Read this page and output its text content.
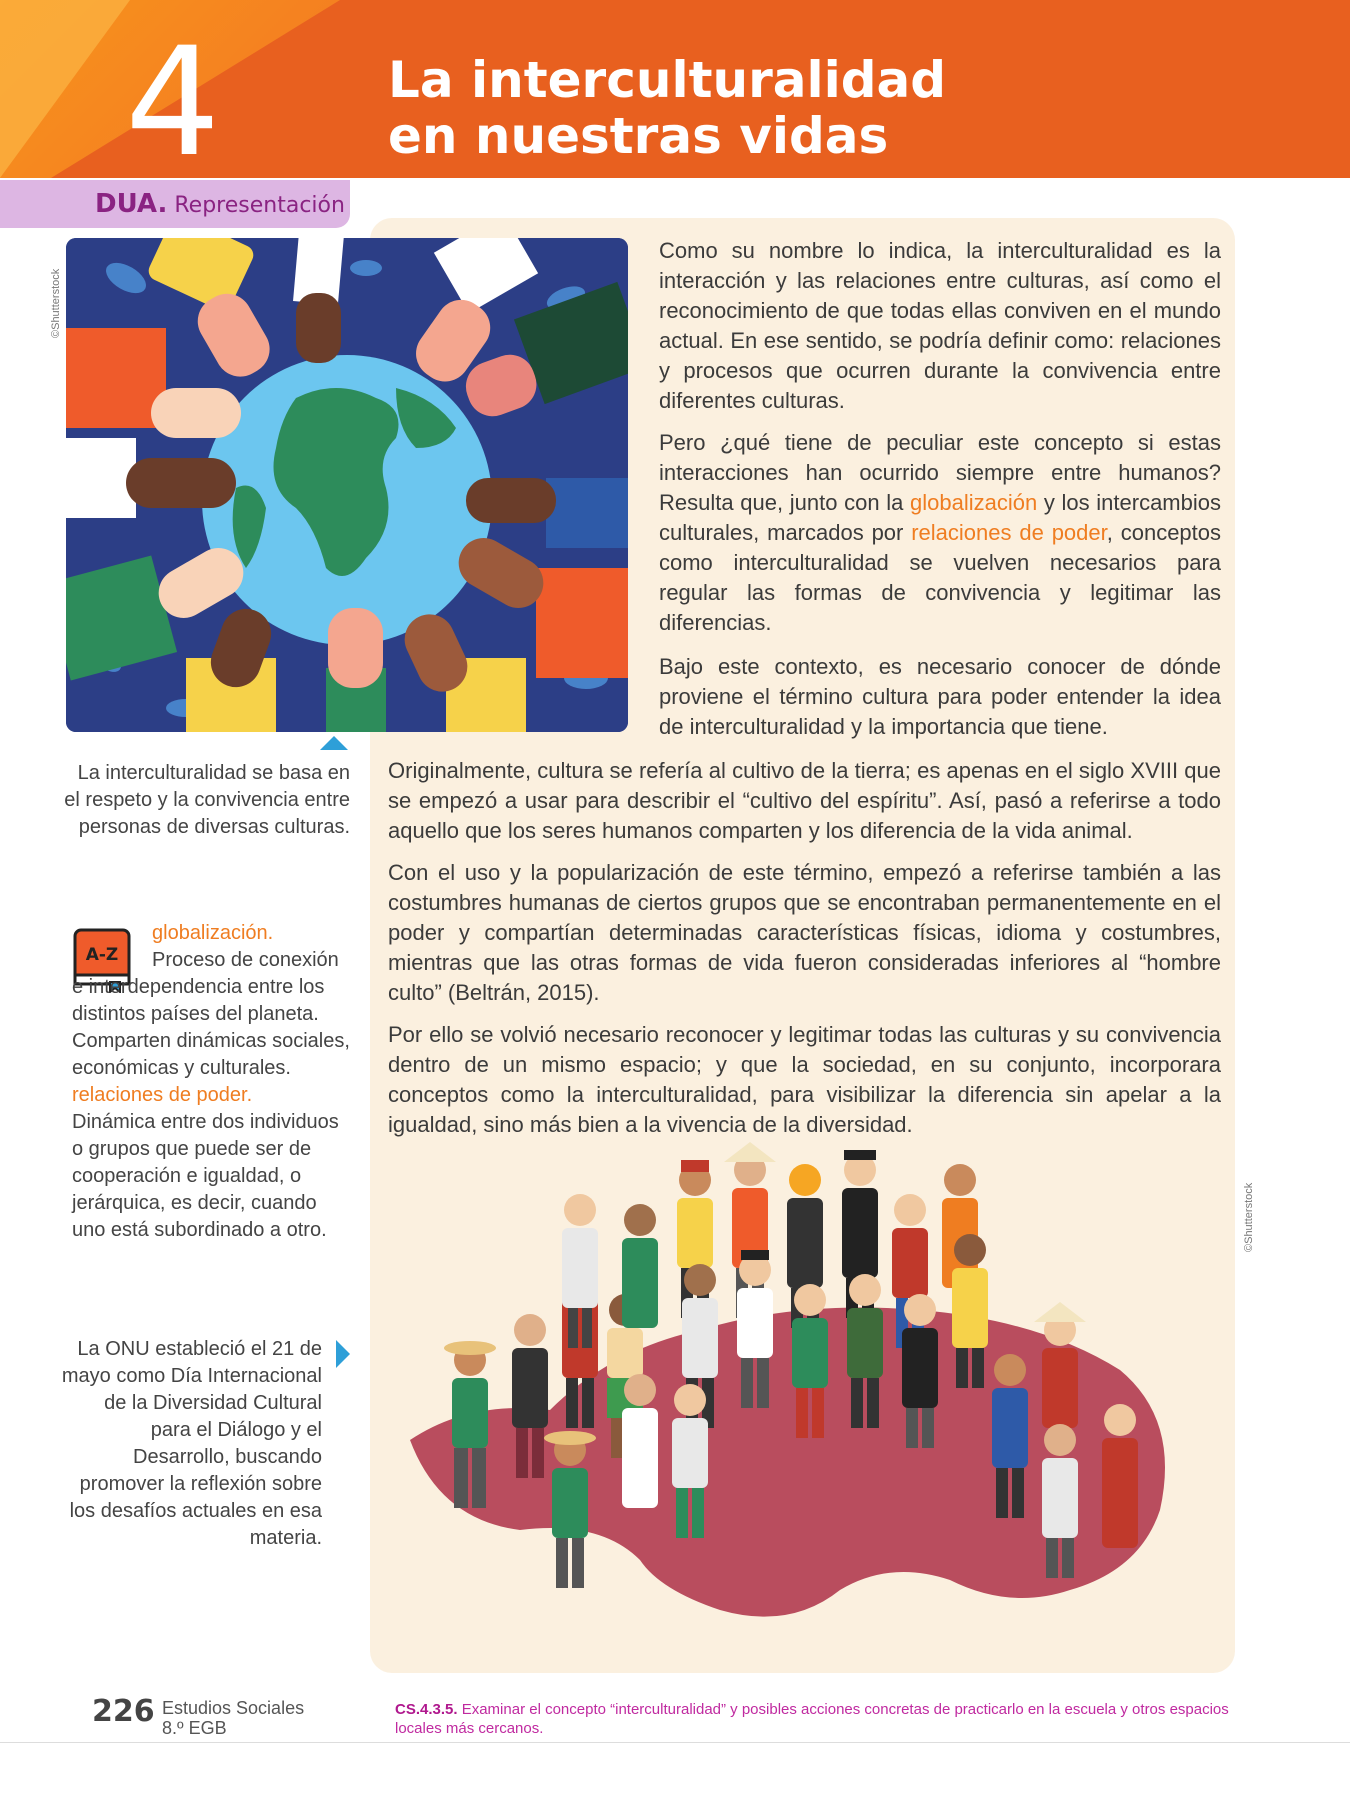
4	La interculturalidad
en nuestras vidas
DUA. Representación
©Shutterstock

Como su nombre lo indica, la interculturalidad es la interacción y las relaciones entre culturas, así como el reconocimiento de que todas ellas conviven en el mundo actual. En ese sentido, se podría definir como: relaciones y procesos que ocurren durante la convivencia entre diferentes culturas.

Pero ¿qué tiene de peculiar este concepto si estas interacciones han ocurrido siempre entre humanos? Resulta que, junto con la globalización y los intercambios culturales, marcados por relaciones de poder, conceptos como interculturalidad se vuelven necesarios para regular las formas de convivencia y legitimar las diferencias.

Bajo este contexto, es necesario conocer de dónde proviene el término cultura para poder entender la idea de interculturalidad y la importancia que tiene.

Originalmente, cultura se refería al cultivo de la tierra; es apenas en el siglo XVIII que se empezó a usar para describir el “cultivo del espíritu”. Así, pasó a referirse a todo aquello que los seres humanos comparten y los diferencia de la vida animal.

Con el uso y la popularización de este término, empezó a referirse también a las costumbres humanas de ciertos grupos que se encontraban permanentemente en el poder y compartían determinadas características físicas, idioma y costumbres, mientras que las otras formas de vida fueron consideradas inferiores al “hombre culto” (Beltrán, 2015).

Por ello se volvió necesario reconocer y legitimar todas las culturas y su convivencia dentro de un mismo espacio; y que la sociedad, en su conjunto, incorporara conceptos como la interculturalidad, para visibilizar la diferencia sin apelar a la igualdad, sino más bien a la vivencia de la diversidad.

La interculturalidad se basa en el respeto y la convivencia entre personas de diversas culturas.
A-Z
globalización.
Proceso de conexión e interdependencia entre los distintos países del planeta. Comparten dinámicas sociales, económicas y culturales.
relaciones de poder.
Dinámica entre dos individuos o grupos que puede ser de cooperación e igualdad, o jerárquica, es decir, cuando uno está subordinado a otro.
La ONU estableció el 21 de mayo como Día Internacional de la Diversidad Cultural para el Diálogo y el Desarrollo, buscando promover la reflexión sobre los desafíos actuales en esa materia.
©Shutterstock
226 Estudios Sociales
8.º EGB
CS.4.3.5. Examinar el concepto “interculturalidad” y posibles acciones concretas de practicarlo en la escuela y otros espacios locales más cercanos.
